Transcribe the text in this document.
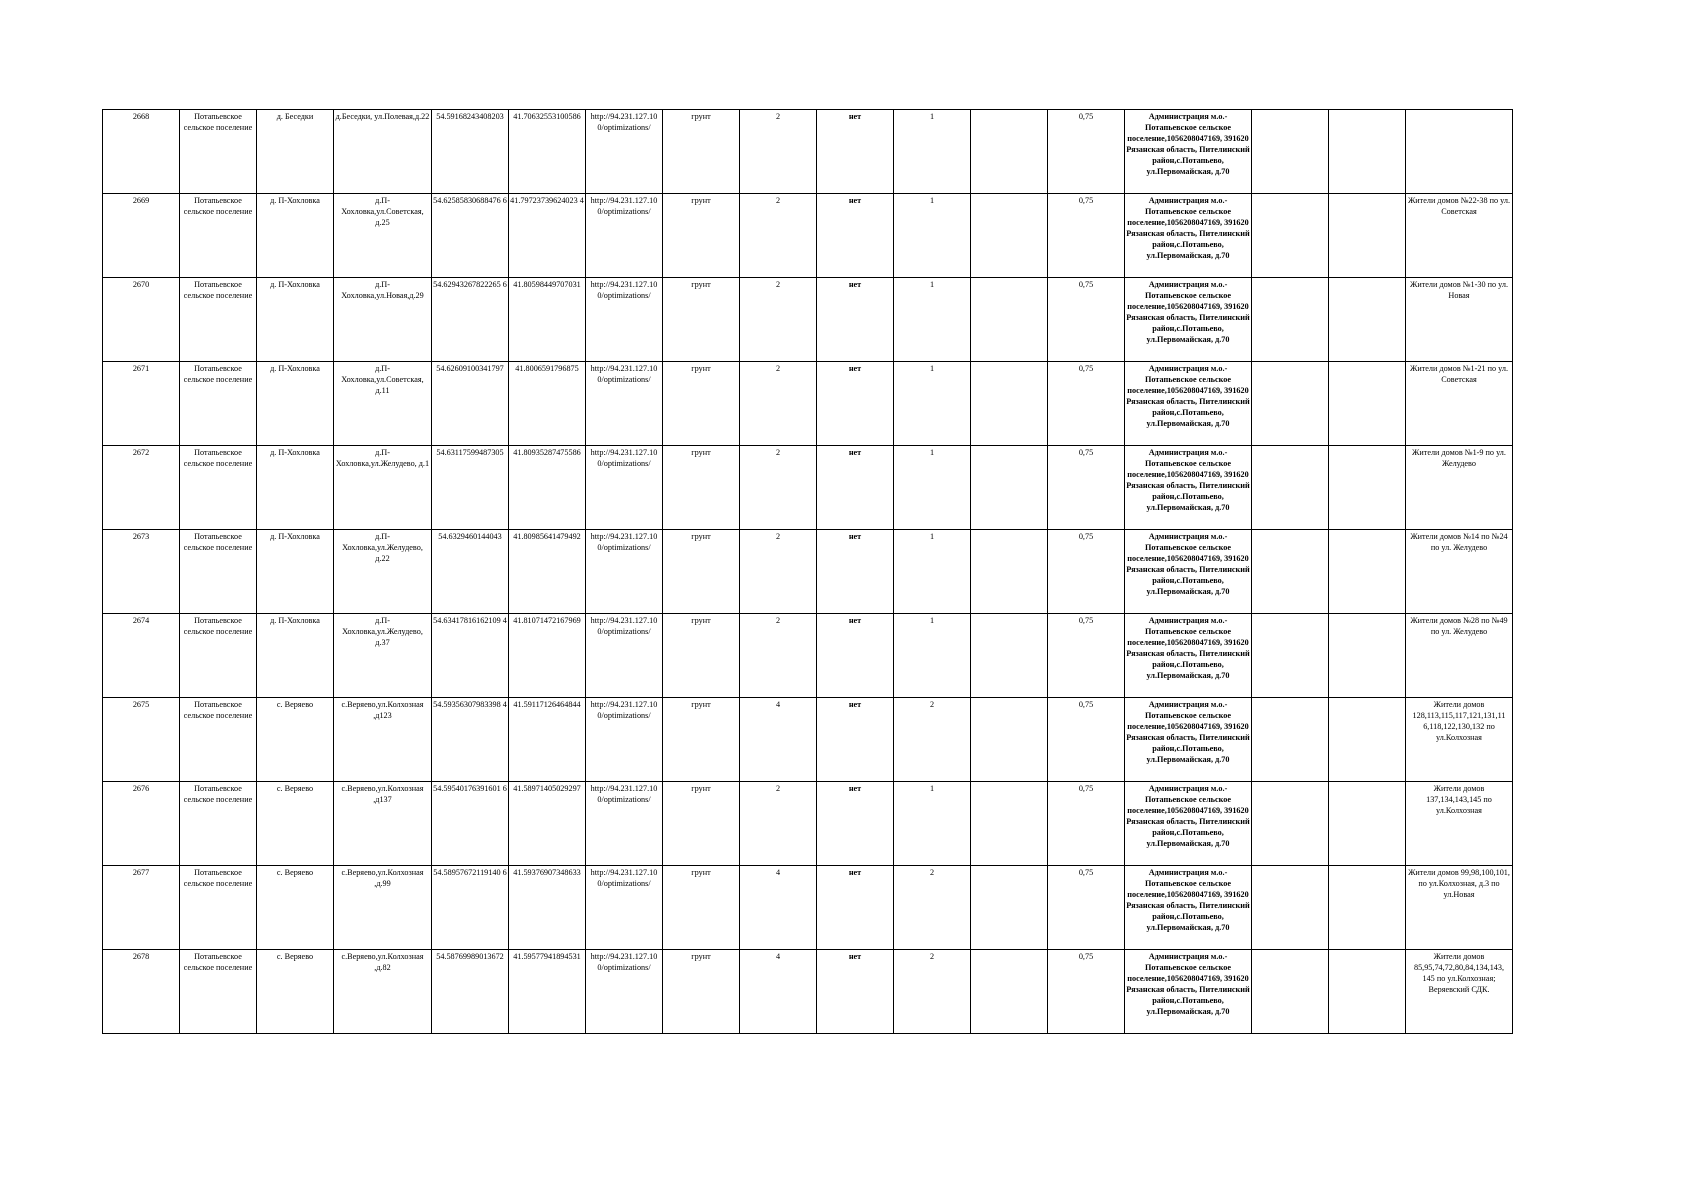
2668	Потапьевское сельское поселение	д. Беседки	д.Беседки, ул.Полевая,д.22	54.59168243408203	41.70632553100586	http://94.231.127.10 0/optimizations/	грунт	2	нет	1		0,75	Администрация м.о.- Потапьевское сельское поселение,1056208047169, 391620 Рязанская область, Пителинский район,с.Потапьево, ул.Первомайская, д.70			
2669	Потапьевское сельское поселение	д. П-Хохловка	д.П-Хохловка,ул.Советская, д.25	54.62585830688476 6	41.79723739624023 4	http://94.231.127.10 0/optimizations/	грунт	2	нет	1		0,75	Администрация м.о.- Потапьевское сельское поселение,1056208047169, 391620 Рязанская область, Пителинский район,с.Потапьево, ул.Первомайская, д.70			Жители домов №22-38 по ул. Советская
2670	Потапьевское сельское поселение	д. П-Хохловка	д.П-Хохловка,ул.Новая,д.29	54.62943267822265 6	41.80598449707031	http://94.231.127.10 0/optimizations/	грунт	2	нет	1		0,75	Администрация м.о.- Потапьевское сельское поселение,1056208047169, 391620 Рязанская область, Пителинский район,с.Потапьево, ул.Первомайская, д.70			Жители домов №1-30 по ул. Новая
2671	Потапьевское сельское поселение	д. П-Хохловка	д.П-Хохловка,ул.Советская, д.11	54.62609100341797	41.8006591796875	http://94.231.127.10 0/optimizations/	грунт	2	нет	1		0,75	Администрация м.о.- Потапьевское сельское поселение,1056208047169, 391620 Рязанская область, Пителинский район,с.Потапьево, ул.Первомайская, д.70			Жители домов №1-21 по ул. Советская
2672	Потапьевское сельское поселение	д. П-Хохловка	д.П-Хохловка,ул.Желудево, д.1	54.63117599487305	41.80935287475586	http://94.231.127.10 0/optimizations/	грунт	2	нет	1		0,75	Администрация м.о.- Потапьевское сельское поселение,1056208047169, 391620 Рязанская область, Пителинский район,с.Потапьево, ул.Первомайская, д.70			Жители домов №1-9 по ул. Желудево
2673	Потапьевское сельское поселение	д. П-Хохловка	д.П-Хохловка,ул.Желудево, д.22	54.6329460144043	41.80985641479492	http://94.231.127.10 0/optimizations/	грунт	2	нет	1		0,75	Администрация м.о.- Потапьевское сельское поселение,1056208047169, 391620 Рязанская область, Пителинский район,с.Потапьево, ул.Первомайская, д.70			Жители домов №14 по №24 по ул. Желудево
2674	Потапьевское сельское поселение	д. П-Хохловка	д.П-Хохловка,ул.Желудево, д.37	54.63417816162109 4	41.81071472167969	http://94.231.127.10 0/optimizations/	грунт	2	нет	1		0,75	Администрация м.о.- Потапьевское сельское поселение,1056208047169, 391620 Рязанская область, Пителинский район,с.Потапьево, ул.Первомайская, д.70			Жители домов №28 по №49 по ул. Желудево
2675	Потапьевское сельское поселение	с. Веряево	с.Веряево,ул.Колхозная ,д123	54.59356307983398 4	41.59117126464844	http://94.231.127.10 0/optimizations/	грунт	4	нет	2		0,75	Администрация м.о.- Потапьевское сельское поселение,1056208047169, 391620 Рязанская область, Пителинский район,с.Потапьево, ул.Первомайская, д.70			Жители домов 128,113,115,117,121,131,11 6,118,122,130,132 по ул.Колхозная
2676	Потапьевское сельское поселение	с. Веряево	с.Веряево,ул.Колхозная ,д137	54.59540176391601 6	41.58971405029297	http://94.231.127.10 0/optimizations/	грунт	2	нет	1		0,75	Администрация м.о.- Потапьевское сельское поселение,1056208047169, 391620 Рязанская область, Пителинский район,с.Потапьево, ул.Первомайская, д.70			Жители домов 137,134,143,145 по ул.Колхозная
2677	Потапьевское сельское поселение	с. Веряево	с.Веряево,ул.Колхозная ,д.99	54.58957672119140 6	41.59376907348633	http://94.231.127.10 0/optimizations/	грунт	4	нет	2		0,75	Администрация м.о.- Потапьевское сельское поселение,1056208047169, 391620 Рязанская область, Пителинский район,с.Потапьево, ул.Первомайская, д.70			Жители домов 99,98,100,101, по ул.Колхозная, д.3 по ул.Новая
2678	Потапьевское сельское поселение	с. Веряево	с.Веряево,ул.Колхозная ,д.82	54.58769989013672	41.59577941894531	http://94.231.127.10 0/optimizations/	грунт	4	нет	2		0,75	Администрация м.о.- Потапьевское сельское поселение,1056208047169, 391620 Рязанская область, Пителинский район,с.Потапьево, ул.Первомайская, д.70			Жители домов 85,95,74,72,80,84,134,143, 145 по ул.Колхозная; Веряевский СДК.
